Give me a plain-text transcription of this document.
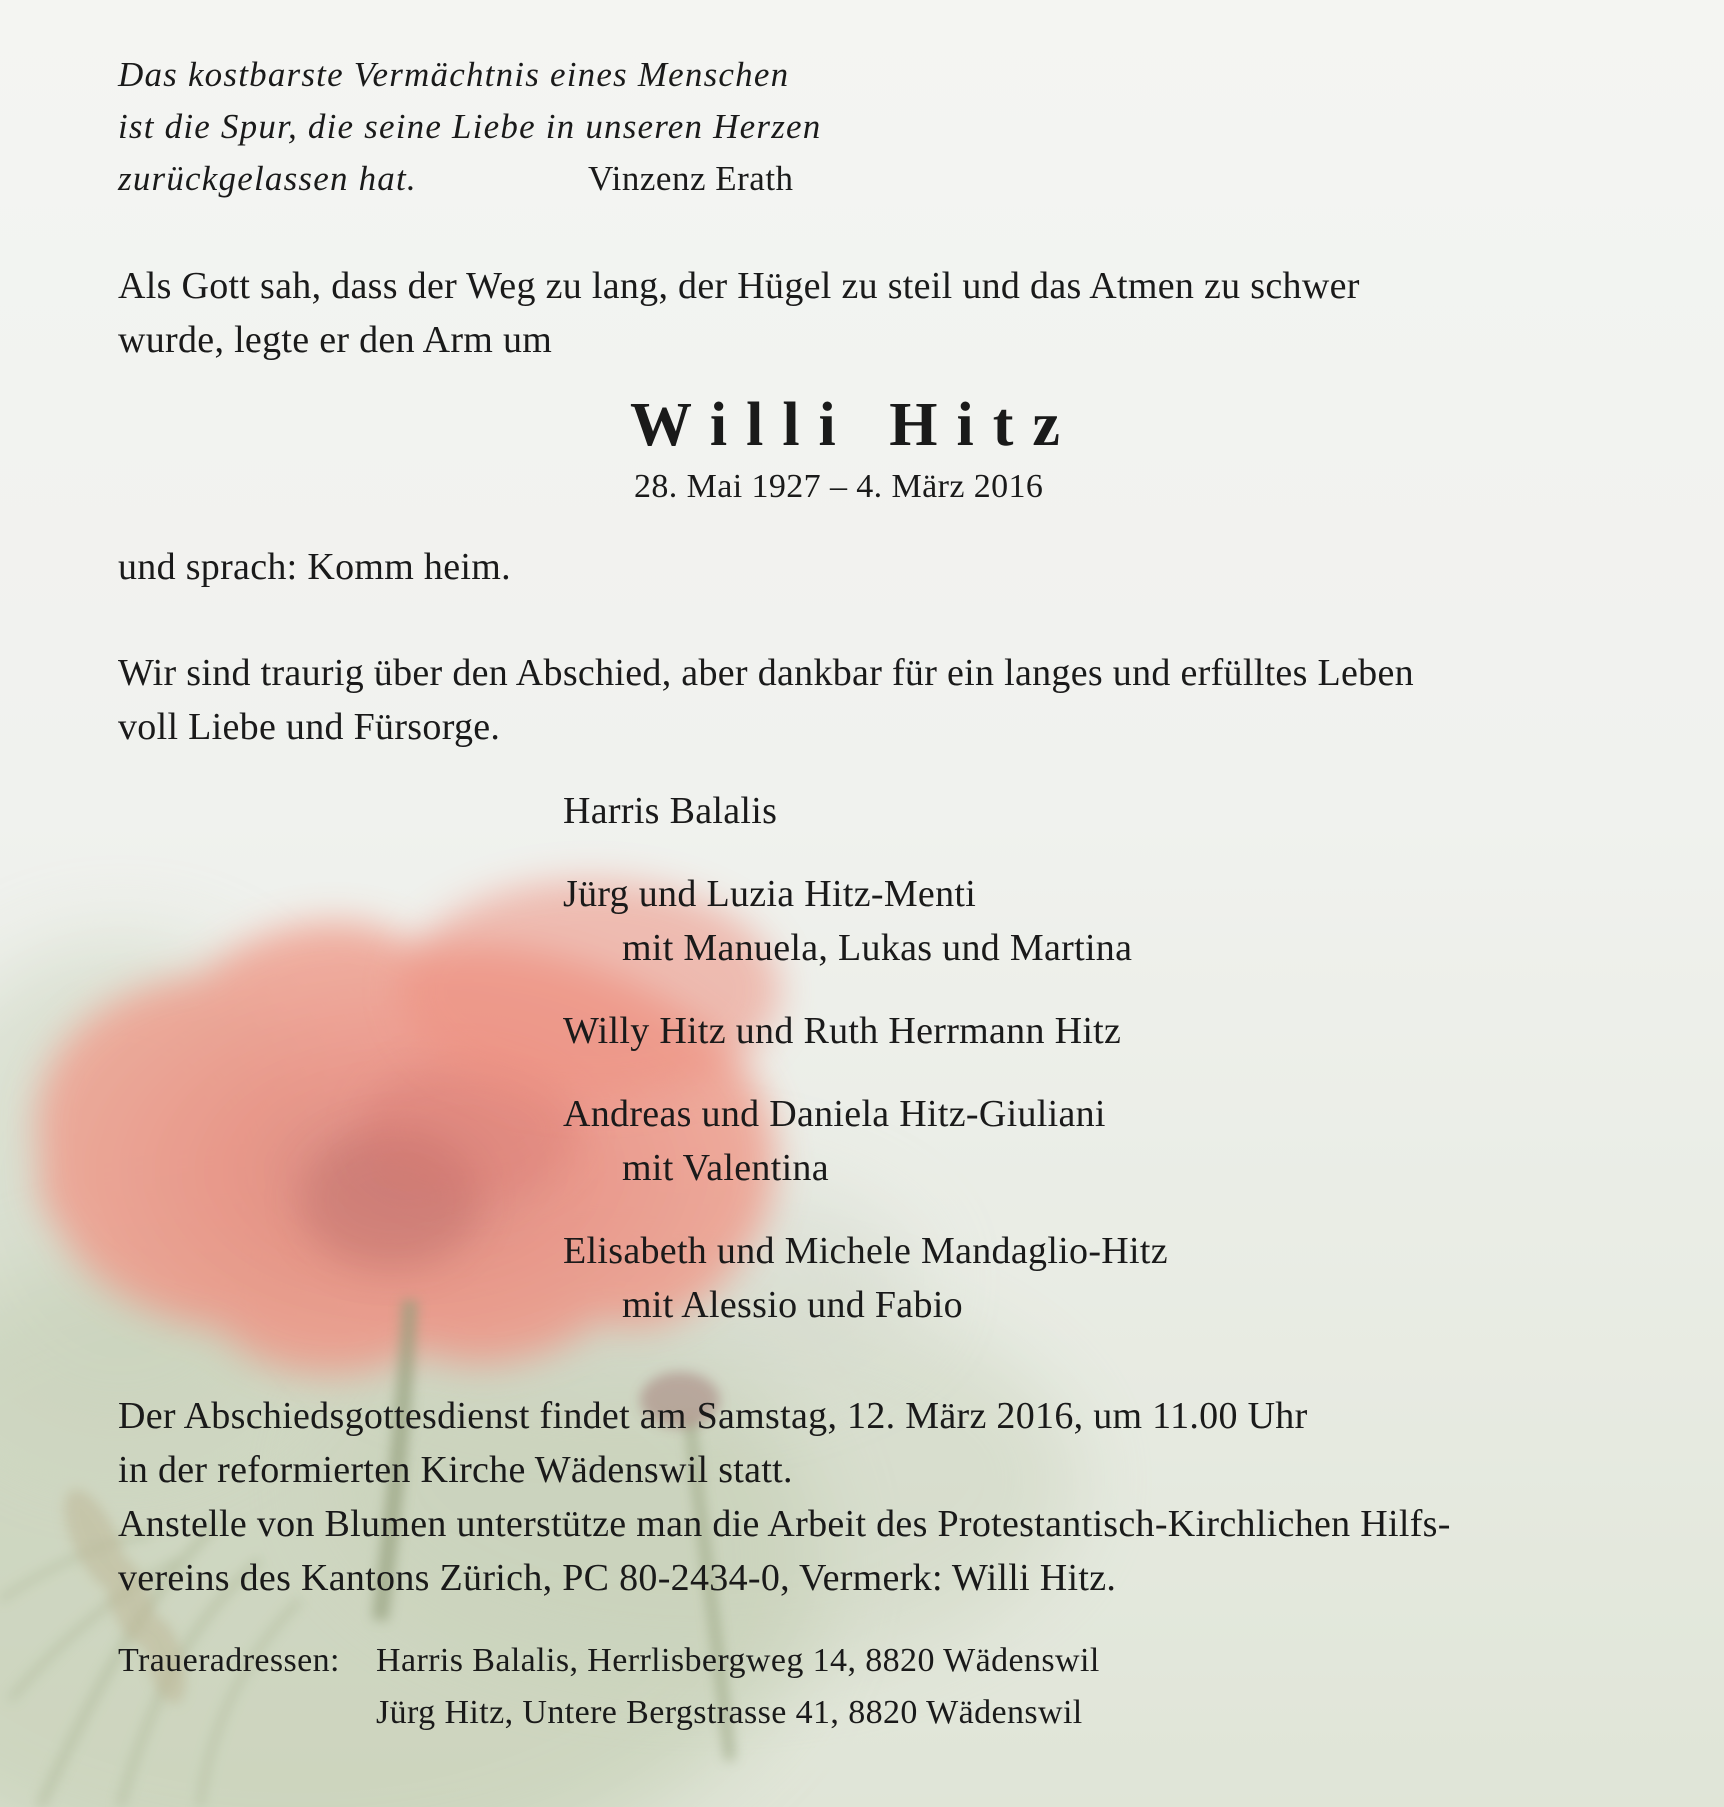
Das kostbarste Vermächtnis eines Menschen
ist die Spur, die seine Liebe in unseren Herzen
zurückgelassen hat.	Vinzenz Erath
Als Gott sah, dass der Weg zu lang, der Hügel zu steil und das Atmen zu schwer
wurde, legte er den Arm um
Willi Hitz
28. Mai 1927 – 4. März 2016
und sprach: Komm heim.
Wir sind traurig über den Abschied, aber dankbar für ein langes und erfülltes Leben
voll Liebe und Fürsorge.
Harris Balalis
Jürg und Luzia Hitz-Menti
mit Manuela, Lukas und Martina
Willy Hitz und Ruth Herrmann Hitz
Andreas und Daniela Hitz-Giuliani
mit Valentina
Elisabeth und Michele Mandaglio-Hitz
mit Alessio und Fabio
Der Abschiedsgottesdienst findet am Samstag, 12. März 2016, um 11.00 Uhr
in der reformierten Kirche Wädenswil statt.
Anstelle von Blumen unterstütze man die Arbeit des Protestantisch-Kirchlichen Hilfs-
vereins des Kantons Zürich, PC 80-2434-0, Vermerk: Willi Hitz.
Traueradressen: Harris Balalis, Herrlisbergweg 14, 8820 Wädenswil
Jürg Hitz, Untere Bergstrasse 41, 8820 Wädenswil
